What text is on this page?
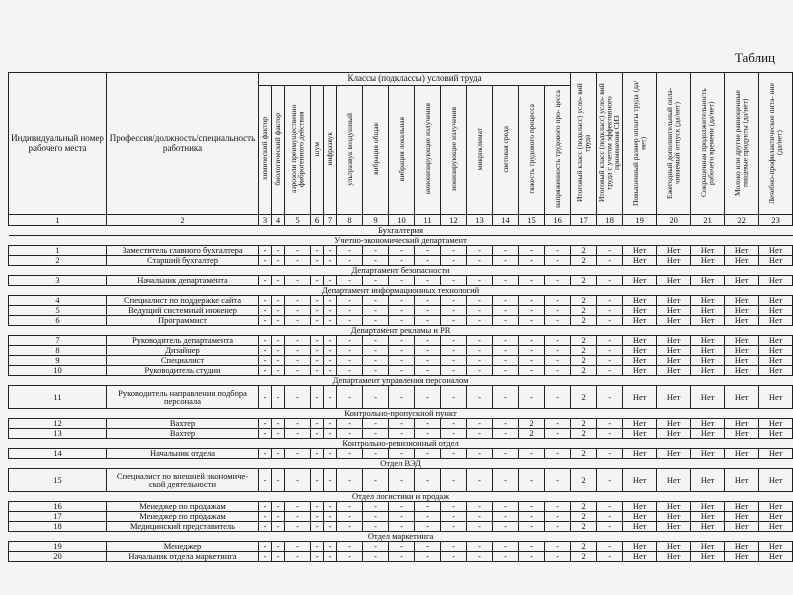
Таблиц
Индивидуальный номер рабочего места	Профессия/должность/специальность работника	Классы (подклассы) условий труда														Итоговый класс (подкласс) усло- вий труда	Итоговый класс (подкласс) усло- вий труда с учетом эффективного применения СИЗ	Повышенный размер оплаты труда (да/нет)	Ежегодный дополнительный опла- чиваемый отпуск (да/нет)	Сокращенная продолжительность рабочего времени (да/нет)	Молоко или другие равноценные пищевые продукты (да/нет)	Лечебно-профилактическое пита- ние (да/нет)
		химический фактор	биологический фактор	аэрозоли преимущественно фиброгенного действия	шум	инфразвук	ультразвук воздушный	вибрация общая	вибрация локальная	неионизирующие излучения	ионизирующие излучения	микроклимат	световая среда	тяжесть трудового процесса	напряженность трудового про- цесса							
1	2	3	4	5	6	7	8	9	10	11	12	13	14	15	16	17	18	19	20	21	22	23
Бухгалтерия																						
Учетно-экономический департамент																						
1	Заместитель главного бухгалтера	-	-	-	-	-	-	-	-	-	-	-	-	-	-	2	-	Нет	Нет	Нет	Нет	Нет
2	Старший бухгалтер	-	-	-	-	-	-	-	-	-	-	-	-	-	-	2	-	Нет	Нет	Нет	Нет	Нет
Департамент безопасности																						
3	Начальник департамента	-	-	-	-	-	-	-	-	-	-	-	-	-	-	2	-	Нет	Нет	Нет	Нет	Нет
Департамент информационных технологий																						
4	Специалист по поддержке сайта	-	-	-	-	-	-	-	-	-	-	-	-	-	-	2	-	Нет	Нет	Нет	Нет	Нет
5	Ведущий системный инженер	-	-	-	-	-	-	-	-	-	-	-	-	-	-	2	-	Нет	Нет	Нет	Нет	Нет
6	Программист	-	-	-	-	-	-	-	-	-	-	-	-	-	-	2	-	Нет	Нет	Нет	Нет	Нет
Департамент рекламы и PR																						
7	Руководитель департамента	-	-	-	-	-	-	-	-	-	-	-	-	-	-	2	-	Нет	Нет	Нет	Нет	Нет
8	Дизайнер	-	-	-	-	-	-	-	-	-	-	-	-	-	-	2	-	Нет	Нет	Нет	Нет	Нет
9	Специалист	-	-	-	-	-	-	-	-	-	-	-	-	-	-	2	-	Нет	Нет	Нет	Нет	Нет
10	Руководитель студии	-	-	-	-	-	-	-	-	-	-	-	-	-	-	2	-	Нет	Нет	Нет	Нет	Нет
Департамент управления персоналом																						
11	Руководитель направления подбора персонала	-	-	-	-	-	-	-	-	-	-	-	-	-	-	2	-	Нет	Нет	Нет	Нет	Нет
Контрольно-пропускной пункт																						
12	Вахтер	-	-	-	-	-	-	-	-	-	-	-	-	2	-	2	-	Нет	Нет	Нет	Нет	Нет
13	Вахтер	-	-	-	-	-	-	-	-	-	-	-	-	2	-	2	-	Нет	Нет	Нет	Нет	Нет
Контрольно-ревизионный отдел																						
14	Начальник отдела	-	-	-	-	-	-	-	-	-	-	-	-	-	-	2	-	Нет	Нет	Нет	Нет	Нет
Отдел ВЭД																						
15	Специалист по внешней экономиче- ской деятельности	-	-	-	-	-	-	-	-	-	-	-	-	-	-	2	-	Нет	Нет	Нет	Нет	Нет
Отдел логистики и продаж																						
16	Менеджер по продажам	-	-	-	-	-	-	-	-	-	-	-	-	-	-	2	-	Нет	Нет	Нет	Нет	Нет
17	Менеджер по продажам	-	-	-	-	-	-	-	-	-	-	-	-	-	-	2	-	Нет	Нет	Нет	Нет	Нет
18	Медицинский представитель	-	-	-	-	-	-	-	-	-	-	-	-	-	-	2	-	Нет	Нет	Нет	Нет	Нет
Отдел маркетинга																						
19	Менеджер	-	-	-	-	-	-	-	-	-	-	-	-	-	-	2	-	Нет	Нет	Нет	Нет	Нет
20	Начальник отдела маркетинга	-	-	-	-	-	-	-	-	-	-	-	-	-	-	2	-	Нет	Нет	Нет	Нет	Нет
